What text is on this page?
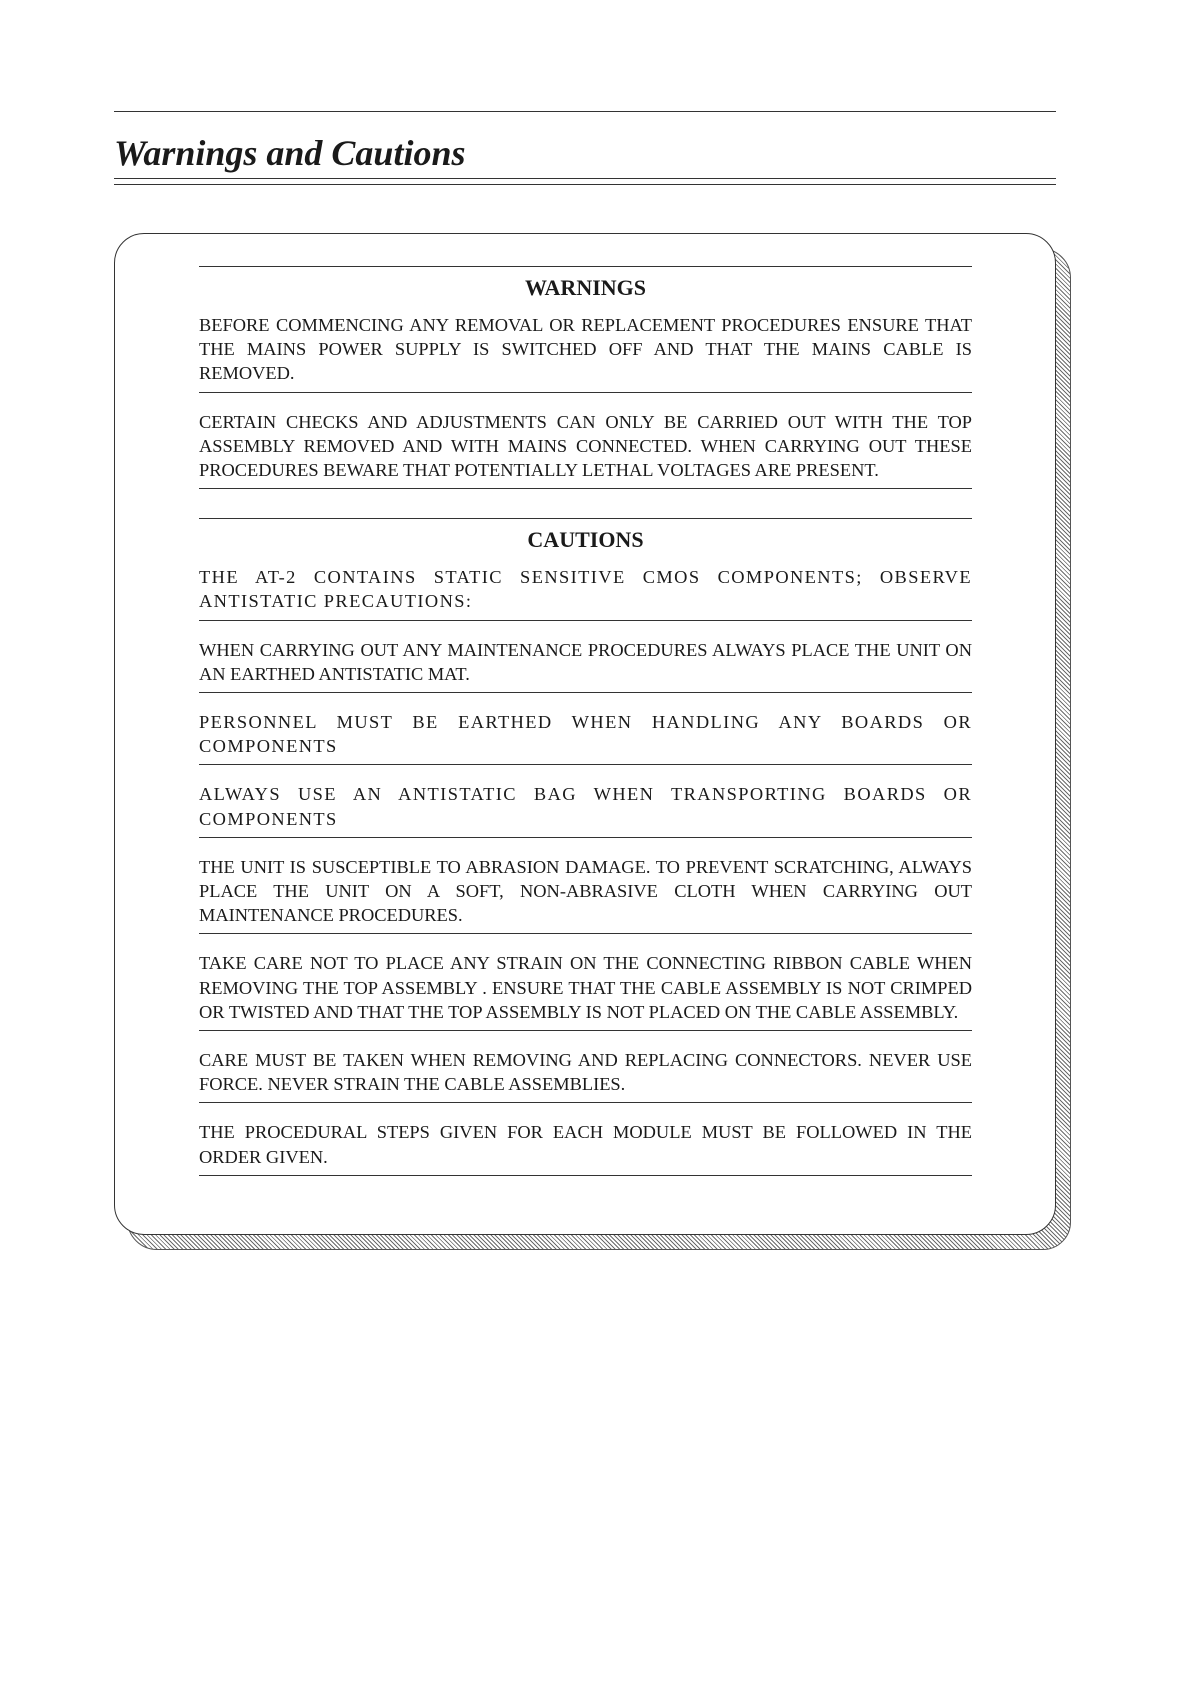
Warnings and Cautions
WARNINGS
BEFORE COMMENCING ANY REMOVAL OR REPLACEMENT PROCEDURES ENSURE THAT THE MAINS POWER SUPPLY IS SWITCHED OFF AND THAT THE MAINS CABLE IS REMOVED.
CERTAIN CHECKS AND ADJUSTMENTS CAN ONLY BE CARRIED OUT WITH THE TOP ASSEMBLY REMOVED AND WITH MAINS CONNECTED. WHEN CARRYING OUT THESE PROCEDURES BEWARE THAT POTENTIALLY LETHAL VOLTAGES ARE PRESENT.
CAUTIONS
THE AT-2 CONTAINS STATIC SENSITIVE CMOS COMPONENTS; OBSERVE ANTISTATIC PRECAUTIONS:
WHEN CARRYING OUT ANY MAINTENANCE PROCEDURES ALWAYS PLACE THE UNIT ON AN EARTHED ANTISTATIC MAT.
PERSONNEL MUST BE EARTHED WHEN HANDLING ANY BOARDS OR COMPONENTS
ALWAYS USE AN ANTISTATIC BAG WHEN TRANSPORTING BOARDS OR COMPONENTS
THE UNIT IS SUSCEPTIBLE TO ABRASION DAMAGE. TO PREVENT SCRATCHING, ALWAYS PLACE THE UNIT ON A SOFT, NON-ABRASIVE CLOTH WHEN CARRYING OUT MAINTENANCE PROCEDURES.
TAKE CARE NOT TO PLACE ANY STRAIN ON THE CONNECTING RIBBON CABLE WHEN REMOVING THE TOP ASSEMBLY . ENSURE THAT THE CABLE ASSEMBLY IS NOT CRIMPED OR TWISTED AND THAT THE TOP ASSEMBLY IS NOT PLACED ON THE CABLE ASSEMBLY.
CARE MUST BE TAKEN WHEN REMOVING AND REPLACING CONNECTORS. NEVER USE FORCE. NEVER STRAIN THE CABLE ASSEMBLIES.
THE PROCEDURAL STEPS GIVEN FOR EACH MODULE MUST BE FOLLOWED IN THE ORDER GIVEN.
